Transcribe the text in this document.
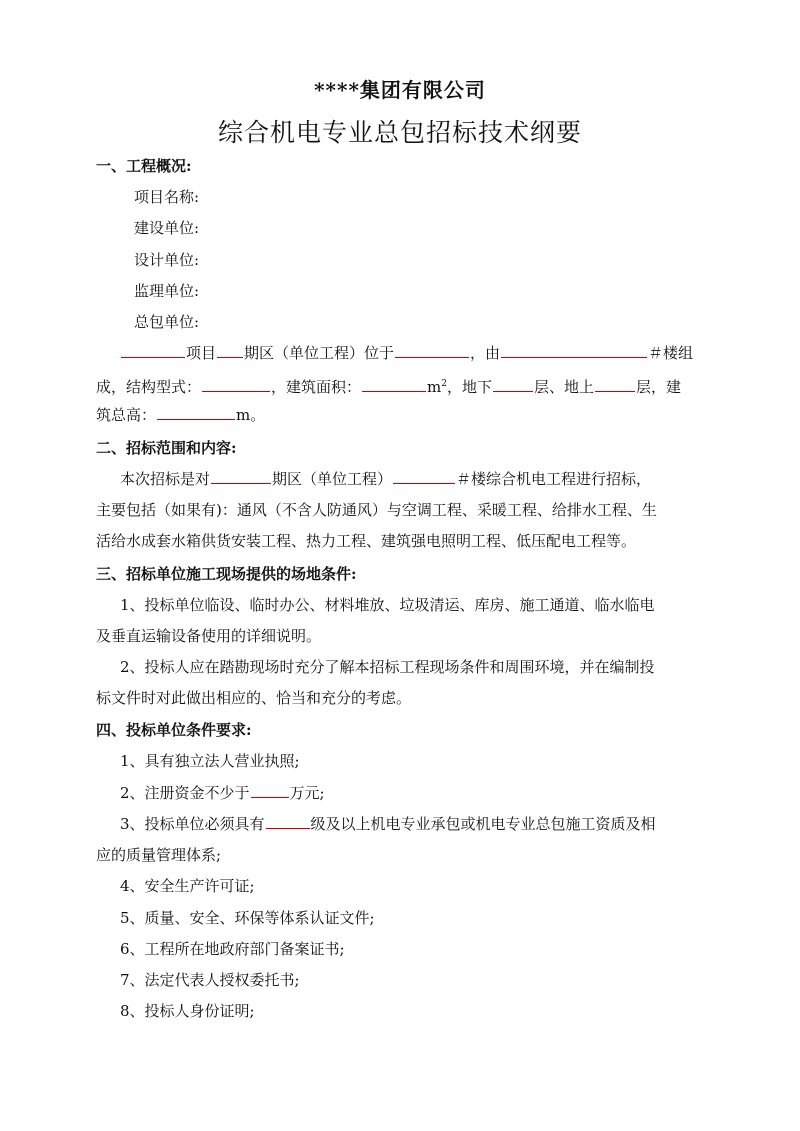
****集团有限公司
综合机电专业总包招标技术纲要
一、工程概况:
项目名称:
建设单位:
设计单位:
监理单位:
总包单位:
项目 期区（单位工程）位于	，由	＃楼组
成，结构型式：	，建筑面积：	$m^2$，地下	层、地上	层，建
筑总高：	m。
二、招标范围和内容:
本次招标是对	期区（单位工程）	＃楼综合机电工程进行招标，
主要包括（如果有)：通风（不含人防通风）与空调工程、采暖工程、给排水工程、生
活给水成套水箱供货安装工程、热力工程、建筑强电照明工程、低压配电工程等。
三、招标单位施工现场提供的场地条件:
1、投标单位临设、临时办公、材料堆放、垃圾清运、库房、施工通道、临水临电
及垂直运输设备使用的详细说明。
2、投标人应在踏勘现场时充分了解本招标工程现场条件和周围环境，并在编制投
标文件时对此做出相应的、恰当和充分的考虑。
四、投标单位条件要求:
1、具有独立法人营业执照;
2、注册资金不少于	万元;
3、投标单位必须具有	级及以上机电专业承包或机电专业总包施工资质及相
应的质量管理体系;
4、安全生产许可证;
5、质量、安全、环保等体系认证文件;
6、工程所在地政府部门备案证书;
7、法定代表人授权委托书;
8、投标人身份证明;
